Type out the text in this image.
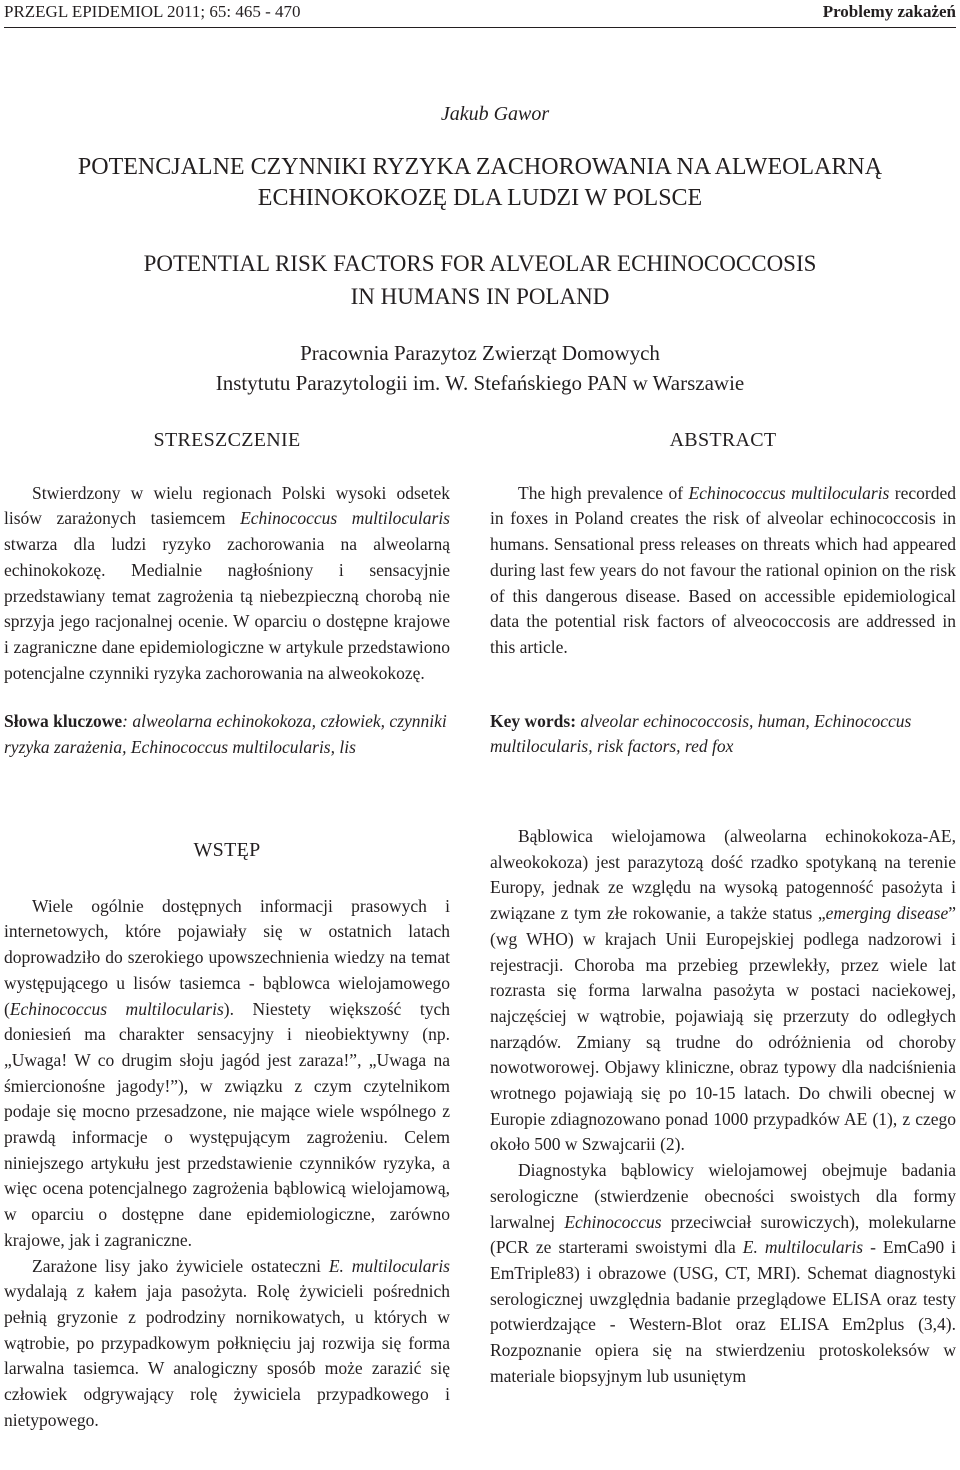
PRZEGL EPIDEMIOL 2011; 65: 465 - 470	Problemy zakażeń
Jakub Gawor
POTENCJALNE CZYNNIKI RYZYKA ZACHOROWANIA NA ALWEOLARNĄ
ECHINOKOKOZĘ DLA LUDZI W POLSCE
POTENTIAL RISK FACTORS FOR ALVEOLAR ECHINOCOCCOSIS
IN HUMANS IN POLAND
Pracownia Parazytoz Zwierząt Domowych
Instytutu Parazytologii im. W. Stefańskiego PAN w Warszawie
STRESZCZENIE

Stwierdzony w wielu regionach Polski wysoki odsetek lisów zarażonych tasiemcem Echinococcus multilocularis stwarza dla ludzi ryzyko zachorowania na alweolarną echinokokozę. Medialnie nagłośniony i sensacyjnie przedstawiany temat zagrożenia tą niebezpieczną chorobą nie sprzyja jego racjonalnej ocenie. W oparciu o dostępne krajowe i zagraniczne dane epidemiologiczne w artykule przedstawiono potencjalne czynniki ryzyka zachorowania na alweokokozę.

Słowa kluczowe: alweolarna echinokokoza, człowiek, czynniki ryzyka zarażenia, Echinococcus multilocularis, lis

ABSTRACT

The high prevalence of Echinococcus multilocularis recorded in foxes in Poland creates the risk of alveolar echinococcosis in humans. Sensational press releases on threats which had appeared during last few years do not favour the rational opinion on the risk of this dangerous disease. Based on accessible epidemiological data the potential risk factors of alveococcosis are addressed in this article.

Key words: alveolar echinococcosis, human, Echinococcus multilocularis, risk factors, red fox

WSTĘP

Wiele ogólnie dostępnych informacji prasowych i internetowych, które pojawiały się w ostatnich latach doprowadziło do szerokiego upowszechnienia wiedzy na temat występującego u lisów tasiemca - bąblowca wielojamowego (Echinococcus multilocularis). Niestety większość tych doniesień ma charakter sensacyjny i nieobiektywny (np. „Uwaga! W co drugim słoju jagód jest zaraza!”, „Uwaga na śmiercionośne jagody!”), w związku z czym czytelnikom podaje się mocno przesadzone, nie mające wiele wspólnego z prawdą informacje o występującym zagrożeniu. Celem niniejszego artykułu jest przedstawienie czynników ryzyka, a więc ocena potencjalnego zagrożenia bąblowicą wielojamową, w oparciu o dostępne dane epidemiologiczne, zarówno krajowe, jak i zagraniczne.

Zarażone lisy jako żywiciele ostateczni E. multilocularis wydalają z kałem jaja pasożyta. Rolę żywicieli pośrednich pełnią gryzonie z podrodziny nornikowatych, u których w wątrobie, po przypadkowym połknięciu jaj rozwija się forma larwalna tasiemca. W analogiczny sposób może zarazić się człowiek odgrywający rolę żywiciela przypadkowego i nietypowego.

Bąblowica wielojamowa (alweolarna echinokokoza-AE, alweokokoza) jest parazytozą dość rzadko spotykaną na terenie Europy, jednak ze względu na wysoką patogenność pasożyta i związane z tym złe rokowanie, a także status „emerging disease” (wg WHO) w krajach Unii Europejskiej podlega nadzorowi i rejestracji. Choroba ma przebieg przewlekły, przez wiele lat rozrasta się forma larwalna pasożyta w postaci naciekowej, najczęściej w wątrobie, pojawiają się przerzuty do odległych narządów. Zmiany są trudne do odróżnienia od choroby nowotworowej. Objawy kliniczne, obraz typowy dla nadciśnienia wrotnego pojawiają się po 10-15 latach. Do chwili obecnej w Europie zdiagnozowano ponad 1000 przypadków AE (1), z czego około 500 w Szwajcarii (2).

Diagnostyka bąblowicy wielojamowej obejmuje badania serologiczne (stwierdzenie obecności swoistych dla formy larwalnej Echinococcus przeciwciał surowiczych), molekularne (PCR ze starterami swoistymi dla E. multilocularis - EmCa90 i EmTriple83) i obrazowe (USG, CT, MRI). Schemat diagnostyki serologicznej uwzględnia badanie przeglądowe ELISA oraz testy potwierdzające - Western-Blot oraz ELISA Em2plus (3,4). Rozpoznanie opiera się na stwierdzeniu protoskoleksów w materiale biopsyjnym lub usuniętym
